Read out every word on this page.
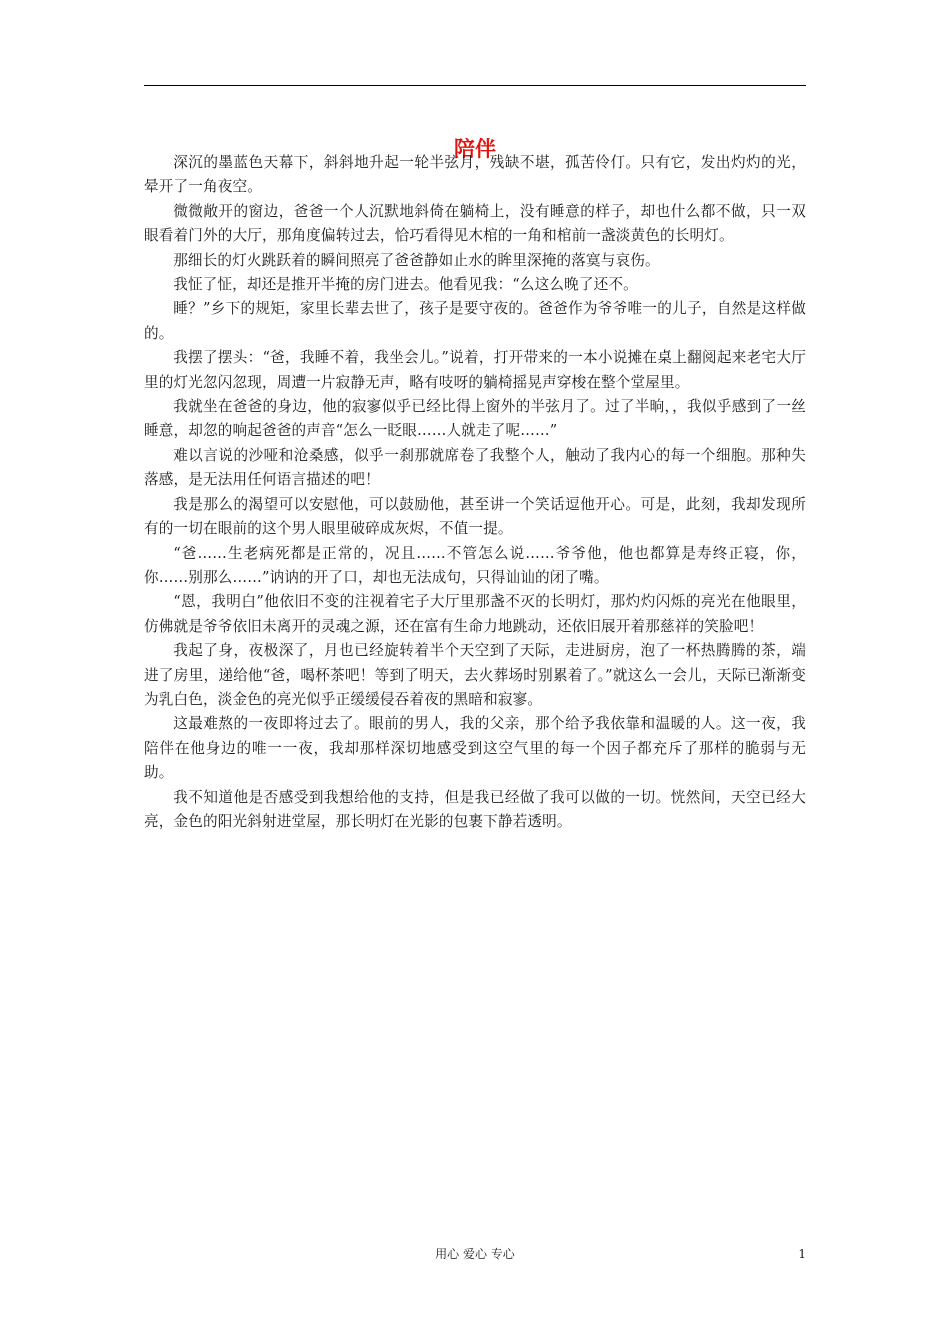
陪伴

深沉的墨蓝色天幕下，斜斜地升起一轮半弦月，残缺不堪，孤苦伶仃。只有它，发出灼灼的光，晕开了一角夜空。

微微敞开的窗边，爸爸一个人沉默地斜倚在躺椅上，没有睡意的样子，却也什么都不做，只一双眼看着门外的大厅，那角度偏转过去，恰巧看得见木棺的一角和棺前一盏淡黄色的长明灯。

那细长的灯火跳跃着的瞬间照亮了爸爸静如止水的眸里深掩的落寞与哀伤。

我怔了怔，却还是推开半掩的房门进去。他看见我：“么这么晚了还不。

睡？”乡下的规矩，家里长辈去世了，孩子是要守夜的。爸爸作为爷爷唯一的儿子，自然是这样做的。

我摆了摆头：“爸，我睡不着，我坐会儿。”说着，打开带来的一本小说摊在桌上翻阅起来老宅大厅里的灯光忽闪忽现，周遭一片寂静无声，略有吱呀的躺椅摇晃声穿梭在整个堂屋里。

我就坐在爸爸的身边，他的寂寥似乎已经比得上窗外的半弦月了。过了半晌，，我似乎感到了一丝睡意，却忽的响起爸爸的声音“怎么一眨眼……人就走了呢……”

难以言说的沙哑和沧桑感，似乎一刹那就席卷了我整个人，触动了我内心的每一个细胞。那种失落感，是无法用任何语言描述的吧！

我是那么的渴望可以安慰他，可以鼓励他，甚至讲一个笑话逗他开心。可是，此刻，我却发现所有的一切在眼前的这个男人眼里破碎成灰烬，不值一提。

“爸……生老病死都是正常的，况且……不管怎么说……爷爷他，他也都算是寿终正寝，你，你……别那么……”讷讷的开了口，却也无法成句，只得讪讪的闭了嘴。

“恩，我明白”他依旧不变的注视着宅子大厅里那盏不灭的长明灯，那灼灼闪烁的亮光在他眼里，仿佛就是爷爷依旧未离开的灵魂之源，还在富有生命力地跳动，还依旧展开着那慈祥的笑脸吧！

我起了身，夜极深了，月也已经旋转着半个天空到了天际，走进厨房，泡了一杯热腾腾的茶，端进了房里，递给他“爸，喝杯茶吧！等到了明天，去火葬场时别累着了。”就这么一会儿，天际已渐渐变为乳白色，淡金色的亮光似乎正缓缓侵吞着夜的黑暗和寂寥。

这最难熬的一夜即将过去了。眼前的男人，我的父亲，那个给予我依靠和温暖的人。这一夜，我陪伴在他身边的唯一一夜，我却那样深切地感受到这空气里的每一个因子都充斥了那样的脆弱与无助。

我不知道他是否感受到我想给他的支持，但是我已经做了我可以做的一切。恍然间，天空已经大亮，金色的阳光斜射进堂屋，那长明灯在光影的包裹下静若透明。

用心 爱心 专心	1
